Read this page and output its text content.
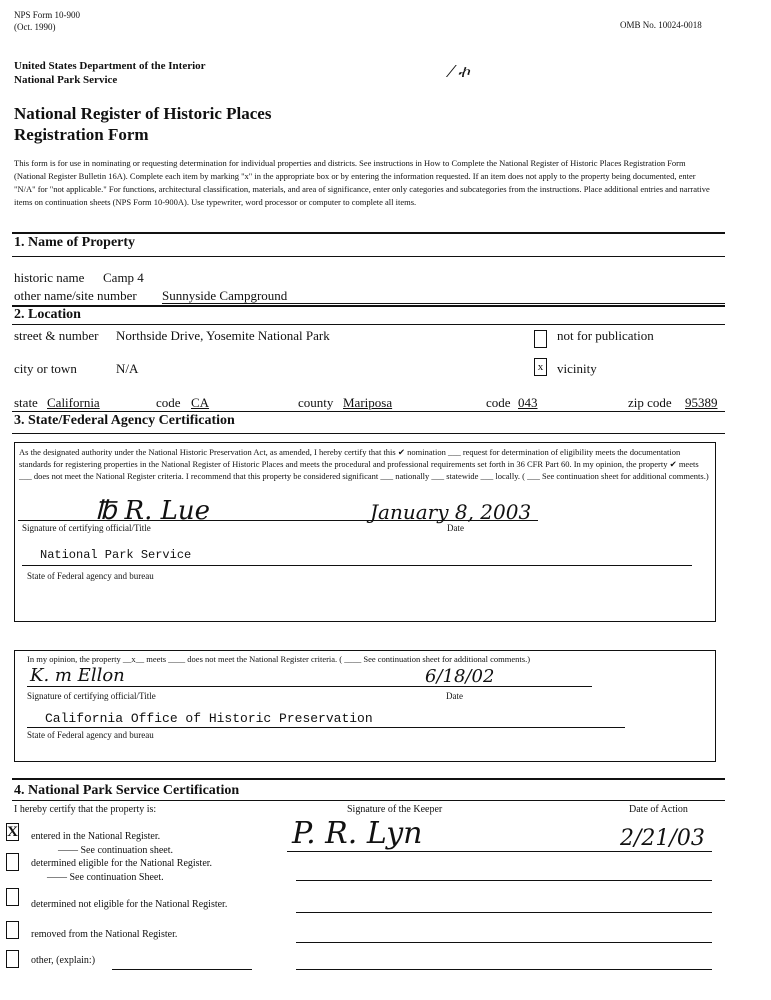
NPS Form 10-900
(Oct. 1990)	OMB No. 10024-0018
United States Department of the Interior
National Park Service	⁄ ኯ
National Register of Historic Places
Registration Form
This form is for use in nominating or requesting determination for individual properties and districts. See instructions in How to Complete the National Register of Historic Places Registration Form (National Register Bulletin 16A). Complete each item by marking "x" in the appropriate box or by entering the information requested. If an item does not apply to the property being documented, enter "N/A" for "not applicable." For functions, architectural classification, materials, and area of significance, enter only categories and subcategories from the instructions. Place additional entries and narrative items on continuation sheets (NPS Form 10-900A). Use typewriter, word processor or computer to complete all items.
1. Name of Property
historic name Camp 4
other name/site number Sunnyside Campground
2. Location
street & number Northside Drive, Yosemite National Park	not for publication
city or town	N/A	x vicinity
state California	code CA	county Mariposa	code 043	zip code 95389
3. State/Federal Agency Certification
As the designated authority under the National Historic Preservation Act, as amended, I hereby certify that this ✔ nomination ___ request for determination of eligibility meets the documentation standards for registering properties in the National Register of Historic Places and meets the procedural and professional requirements set forth in 36 CFR Part 60. In my opinion, the property ✔ meets ___ does not meet the National Register criteria. I recommend that this property be considered significant ___ nationally ___ statewide ___ locally. ( ___ See continuation sheet for additional comments.)
℔ R. Lue	January 8, 2003
Signature of certifying official/Title	Date
National Park Service
State of Federal agency and bureau
In my opinion, the property __x__ meets ____ does not meet the National Register criteria. ( ____ See continuation sheet for additional comments.)
K. m Ellon	6/18/02
Signature of certifying official/Title	Date
California Office of Historic Preservation
State of Federal agency and bureau
4. National Park Service Certification
I hereby certify that the property is:	Signature of the Keeper	Date of Action
P. R. Lyn	2/21/03
X entered in the National Register.
—— See continuation sheet.
determined eligible for the National Register.
—— See continuation Sheet.
determined not eligible for the National Register.
removed from the National Register.
other, (explain:)
